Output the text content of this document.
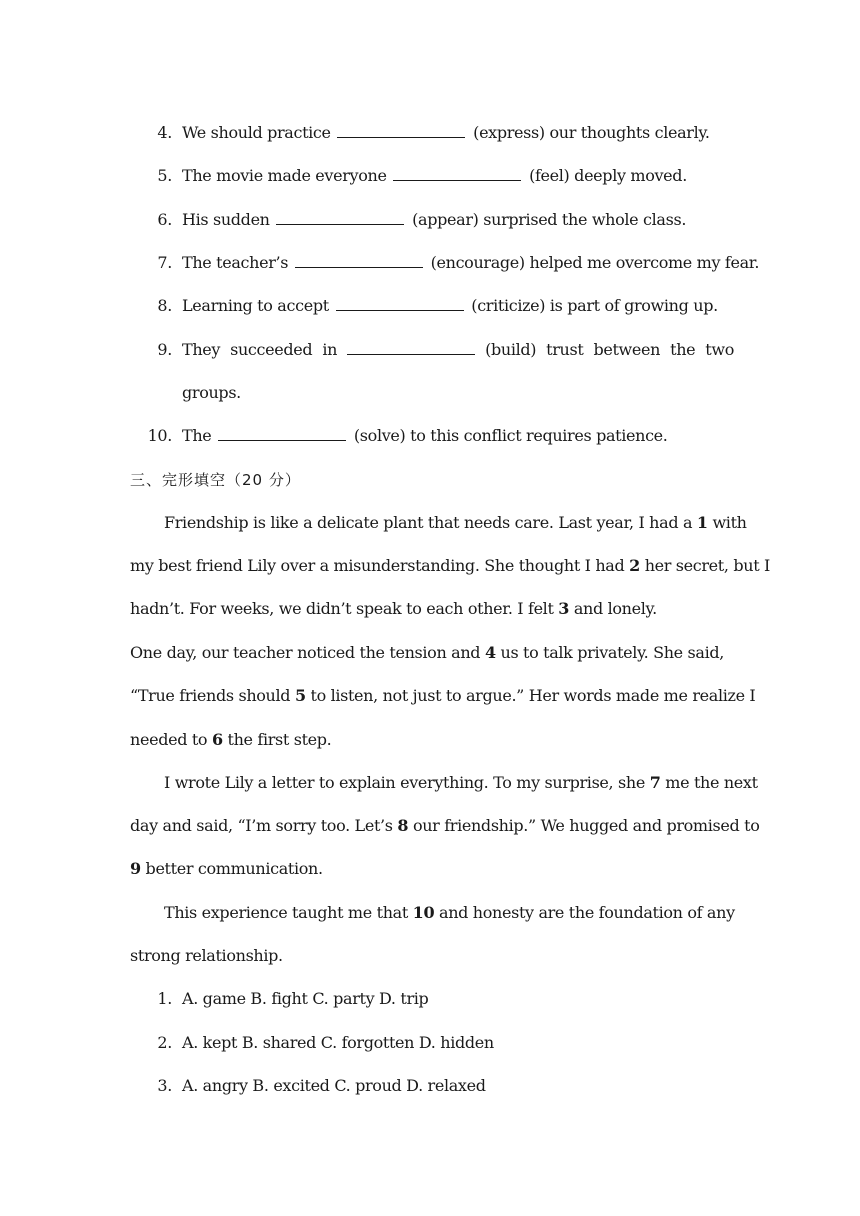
4. We should practice	(express) our thoughts clearly.
5. The movie made everyone	(feel) deeply moved.
6. His sudden	(appear) surprised the whole class.
7. The teacher’s	(encourage) helped me overcome my fear.
8. Learning to accept	(criticize) is part of growing up.
9. They succeeded in	(build) trust between the two
groups.
10. The	(solve) to this conflict requires patience.
三、完形填空（20 分）
Friendship is like a delicate plant that needs care. Last year, I had a 1 with
my best friend Lily over a misunderstanding. She thought I had 2 her secret, but I
hadn’t. For weeks, we didn’t speak to each other. I felt 3 and lonely.
One day, our teacher noticed the tension and 4 us to talk privately. She said,
“True friends should 5 to listen, not just to argue.” Her words made me realize I
needed to 6 the first step.
I wrote Lily a letter to explain everything. To my surprise, she 7 me the next
day and said, “I’m sorry too. Let’s 8 our friendship.” We hugged and promised to
9 better communication.
This experience taught me that 10 and honesty are the foundation of any
strong relationship.
1. A. game B. fight C. party D. trip
2. A. kept B. shared C. forgotten D. hidden
3. A. angry B. excited C. proud D. relaxed
